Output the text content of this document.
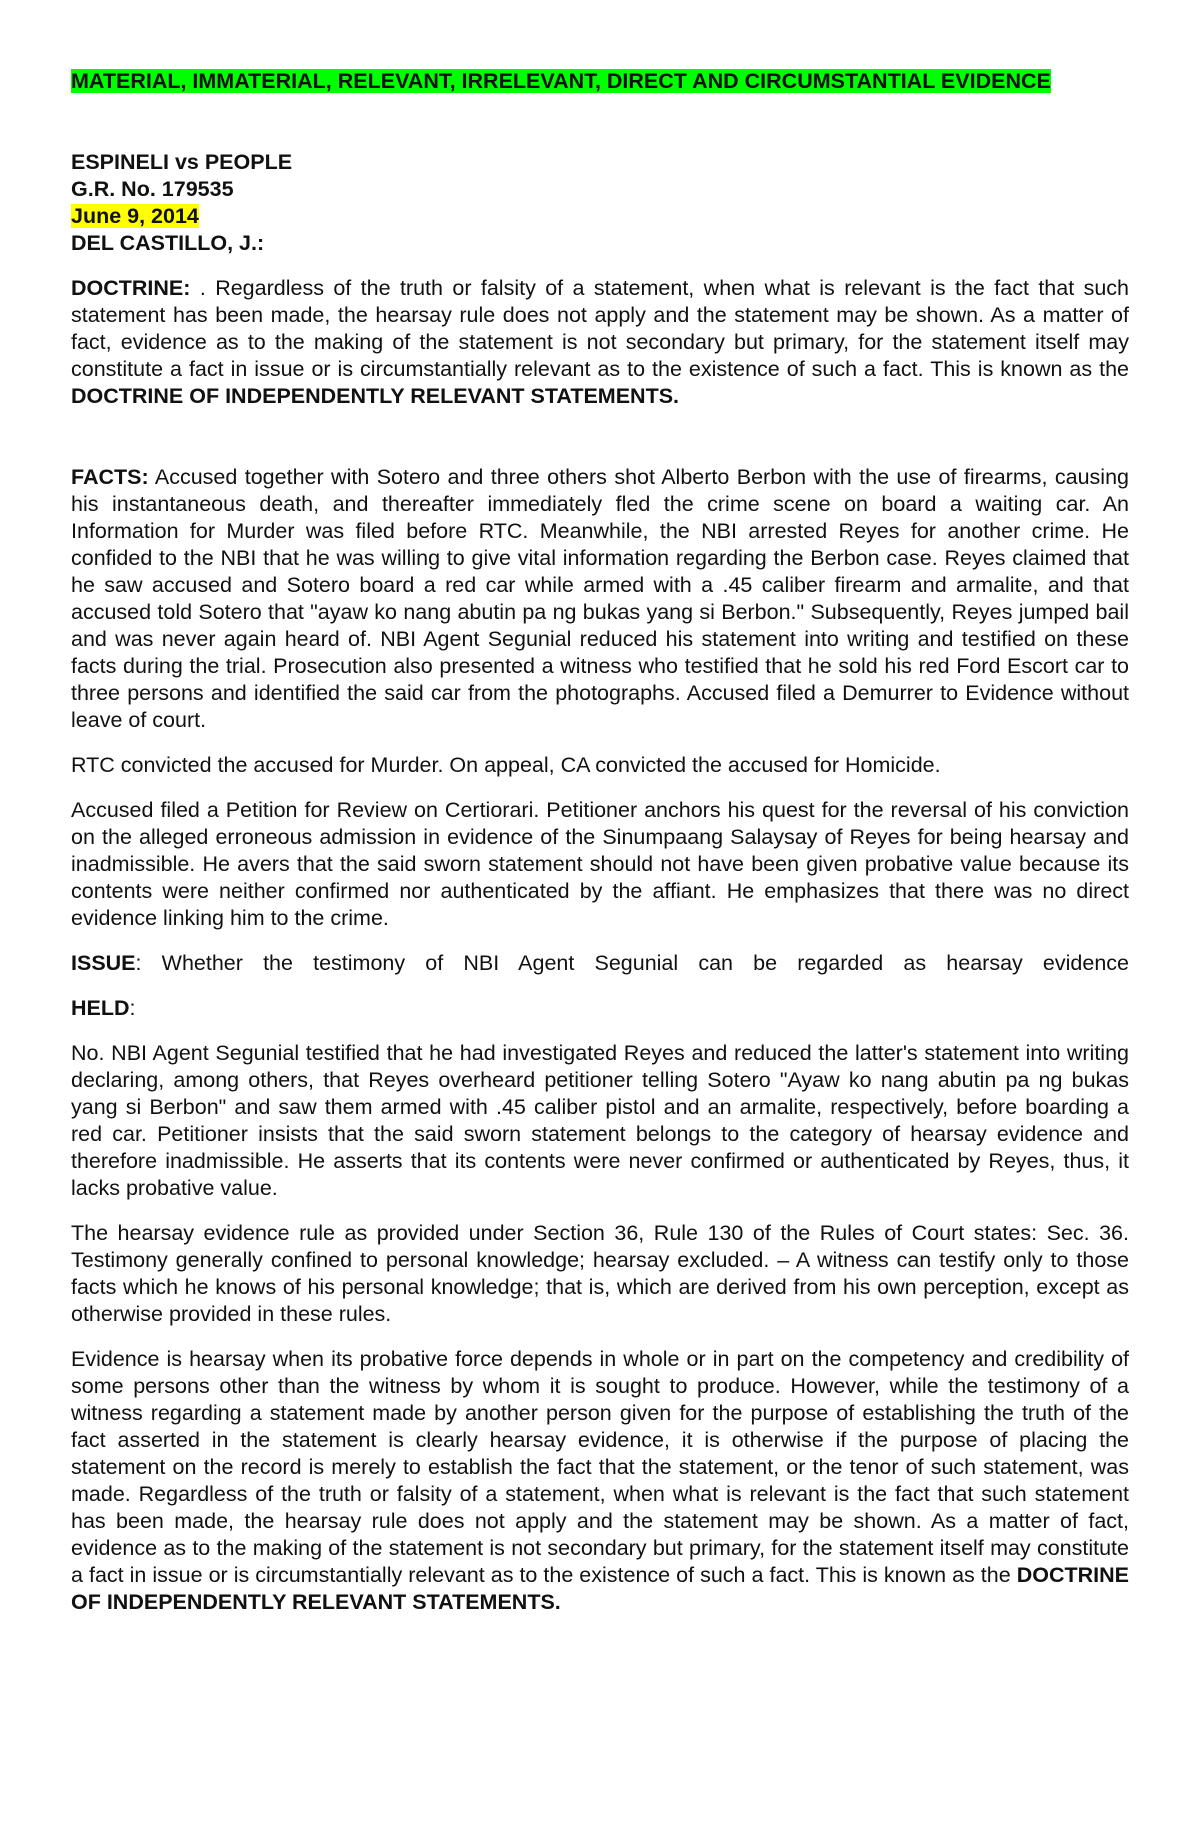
MATERIAL, IMMATERIAL, RELEVANT, IRRELEVANT, DIRECT AND CIRCUMSTANTIAL EVIDENCE

ESPINELI vs PEOPLE
G.R. No. 179535
June 9, 2014
DEL CASTILLO, J.:

DOCTRINE: . Regardless of the truth or falsity of a statement, when what is relevant is the fact that such statement has been made, the hearsay rule does not apply and the statement may be shown. As a matter of fact, evidence as to the making of the statement is not secondary but primary, for the statement itself may constitute a fact in issue or is circumstantially relevant as to the existence of such a fact. This is known as the DOCTRINE OF INDEPENDENTLY RELEVANT STATEMENTS.

FACTS: Accused together with Sotero and three others shot Alberto Berbon with the use of firearms, causing his instantaneous death, and thereafter immediately fled the crime scene on board a waiting car. An Information for Murder was filed before RTC. Meanwhile, the NBI arrested Reyes for another crime. He confided to the NBI that he was willing to give vital information regarding the Berbon case. Reyes claimed that he saw accused and Sotero board a red car while armed with a .45 caliber firearm and armalite, and that accused told Sotero that "ayaw ko nang abutin pa ng bukas yang si Berbon." Subsequently, Reyes jumped bail and was never again heard of. NBI Agent Segunial reduced his statement into writing and testified on these facts during the trial. Prosecution also presented a witness who testified that he sold his red Ford Escort car to three persons and identified the said car from the photographs. Accused filed a Demurrer to Evidence without leave of court.

RTC convicted the accused for Murder. On appeal, CA convicted the accused for Homicide.

Accused filed a Petition for Review on Certiorari. Petitioner anchors his quest for the reversal of his conviction on the alleged erroneous admission in evidence of the Sinumpaang Salaysay of Reyes for being hearsay and inadmissible. He avers that the said sworn statement should not have been given probative value because its contents were neither confirmed nor authenticated by the affiant. He emphasizes that there was no direct evidence linking him to the crime.

ISSUE: Whether the testimony of NBI Agent Segunial can be regarded as hearsay evidence

HELD:

No. NBI Agent Segunial testified that he had investigated Reyes and reduced the latter's statement into writing declaring, among others, that Reyes overheard petitioner telling Sotero "Ayaw ko nang abutin pa ng bukas yang si Berbon" and saw them armed with .45 caliber pistol and an armalite, respectively, before boarding a red car. Petitioner insists that the said sworn statement belongs to the category of hearsay evidence and therefore inadmissible. He asserts that its contents were never confirmed or authenticated by Reyes, thus, it lacks probative value.

The hearsay evidence rule as provided under Section 36, Rule 130 of the Rules of Court states: Sec. 36. Testimony generally confined to personal knowledge; hearsay excluded. – A witness can testify only to those facts which he knows of his personal knowledge; that is, which are derived from his own perception, except as otherwise provided in these rules.

Evidence is hearsay when its probative force depends in whole or in part on the competency and credibility of some persons other than the witness by whom it is sought to produce. However, while the testimony of a witness regarding a statement made by another person given for the purpose of establishing the truth of the fact asserted in the statement is clearly hearsay evidence, it is otherwise if the purpose of placing the statement on the record is merely to establish the fact that the statement, or the tenor of such statement, was made. Regardless of the truth or falsity of a statement, when what is relevant is the fact that such statement has been made, the hearsay rule does not apply and the statement may be shown. As a matter of fact, evidence as to the making of the statement is not secondary but primary, for the statement itself may constitute a fact in issue or is circumstantially relevant as to the existence of such a fact. This is known as the DOCTRINE OF INDEPENDENTLY RELEVANT STATEMENTS.
